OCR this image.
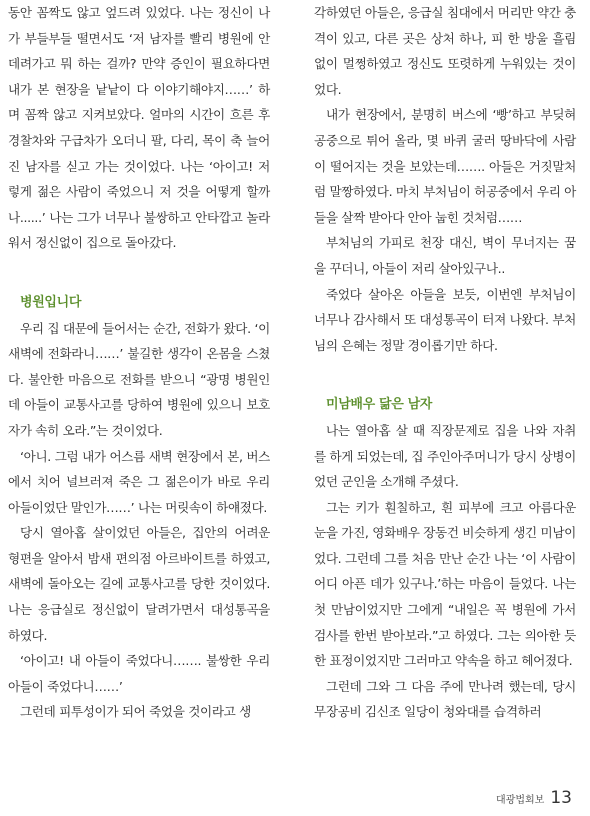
동안 꼼짝도 않고 엎드려 있었다. 나는 정신이 나가 부들부들 떨면서도 ‘저 남자를 빨리 병원에 안 데려가고 뭐 하는 걸까? 만약 증인이 필요하다면 내가 본 현장을 낱낱이 다 이야기해야지……’ 하며 꼼짝 않고 지켜보았다. 얼마의 시간이 흐른 후 경찰차와 구급차가 오더니 팔, 다리, 목이 축 늘어진 남자를 싣고 가는 것이었다. 나는 ‘아이고! 저렇게 젊은 사람이 죽었으니 저 것을 어떻게 할까나......’ 나는 그가 너무나 불쌍하고 안타깝고 놀라워서 정신없이 집으로 돌아갔다.

병원입니다

우리 집 대문에 들어서는 순간, 전화가 왔다. ‘이 새벽에 전화라니……’ 불길한 생각이 온몸을 스쳤다. 불안한 마음으로 전화를 받으니 “광명 병원인데 아들이 교통사고를 당하여 병원에 있으니 보호자가 속히 오라.”는 것이었다.

‘아니. 그럼 내가 어스름 새벽 현장에서 본, 버스에서 치어 널브러져 죽은 그 젊은이가 바로 우리 아들이었단 말인가……’ 나는 머릿속이 하얘졌다.

당시 열아홉 살이었던 아들은, 집안의 어려운 형편을 알아서 밤새 편의점 아르바이트를 하였고, 새벽에 돌아오는 길에 교통사고를 당한 것이었다. 나는 응급실로 정신없이 달려가면서 대성통곡을 하였다.

‘아이고! 내 아들이 죽었다니……. 불쌍한 우리 아들이 죽었다니……’

그런데 피투성이가 되어 죽었을 것이라고 생

각하였던 아들은, 응급실 침대에서 머리만 약간 충격이 있고, 다른 곳은 상처 하나, 피 한 방울 흘림 없이 멀쩡하였고 정신도 또렷하게 누워있는 것이었다.

내가 현장에서, 분명히 버스에 ‘빵’하고 부딪혀 공중으로 튀어 올라, 몇 바퀴 굴러 땅바닥에 사람이 떨어지는 것을 보았는데……. 아들은 거짓말처럼 말짱하였다. 마치 부처님이 허공중에서 우리 아들을 살짝 받아다 안아 눕힌 것처럼……

부처님의 가피로 천장 대신, 벽이 무너지는 꿈을 꾸더니, 아들이 저리 살아있구나..

죽었다 살아온 아들을 보듯, 이번엔 부처님이 너무나 감사해서 또 대성통곡이 터져 나왔다. 부처님의 은혜는 정말 경이롭기만 하다.

미남배우 닮은 남자

나는 열아홉 살 때 직장문제로 집을 나와 자취를 하게 되었는데, 집 주인아주머니가 당시 상병이었던 군인을 소개해 주셨다.

그는 키가 훤칠하고, 흰 피부에 크고 아름다운 눈을 가진, 영화배우 장동건 비슷하게 생긴 미남이었다. 그런데 그를 처음 만난 순간 나는 ‘이 사람이 어디 아픈 데가 있구나.’하는 마음이 들었다. 나는 첫 만남이었지만 그에게 “내일은 꼭 병원에 가서 검사를 한번 받아보라.”고 하였다. 그는 의아한 듯한 표정이었지만 그러마고 약속을 하고 헤어졌다.

그런데 그와 그 다음 주에 만나려 했는데, 당시 무장공비 김신조 일당이 청와대를 습격하러

대광법회보 13
